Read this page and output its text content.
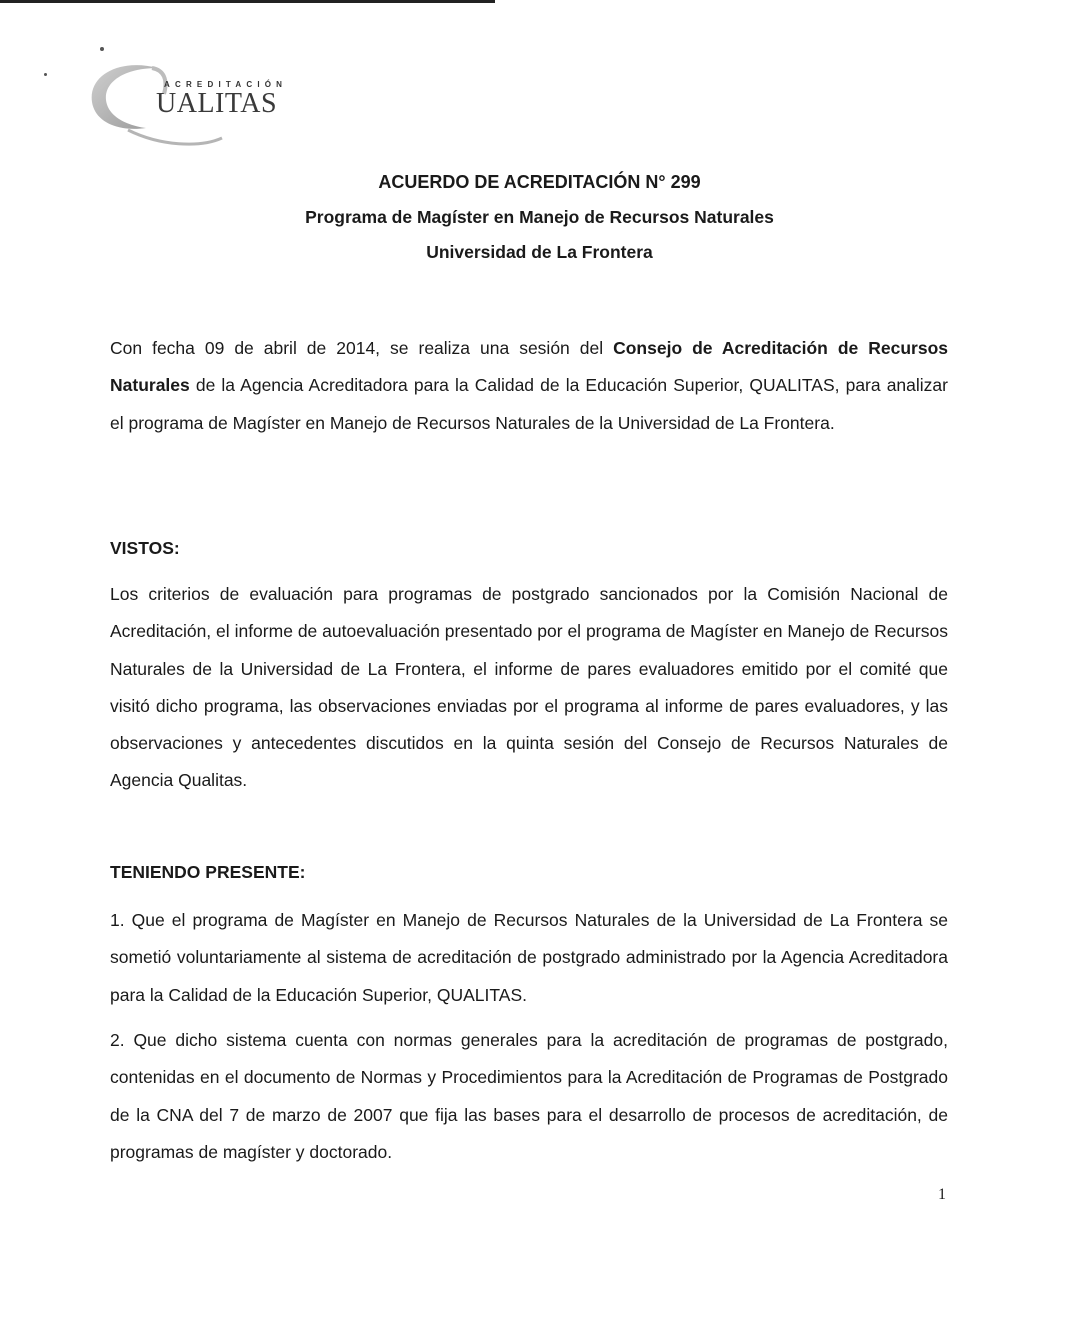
ACREDITACIÓN
UALITAS
ACUERDO DE ACREDITACIÓN N° 299
Programa de Magíster en Manejo de Recursos Naturales
Universidad de La Frontera

Con fecha 09 de abril de 2014, se realiza una sesión del Consejo de Acreditación de Recursos Naturales de la Agencia Acreditadora para la Calidad de la Educación Superior, QUALITAS, para analizar el programa de Magíster en Manejo de Recursos Naturales de la Universidad de La Frontera.

VISTOS:

Los criterios de evaluación para programas de postgrado sancionados por la Comisión Nacional de Acreditación, el informe de autoevaluación presentado por el programa de Magíster en Manejo de Recursos Naturales de la Universidad de La Frontera, el informe de pares evaluadores emitido por el comité que visitó dicho programa, las observaciones enviadas por el programa al informe de pares evaluadores, y las observaciones y antecedentes discutidos en la quinta sesión del Consejo de Recursos Naturales de Agencia Qualitas.

TENIENDO PRESENTE:

1. Que el programa de Magíster en Manejo de Recursos Naturales de la Universidad de La Frontera se sometió voluntariamente al sistema de acreditación de postgrado administrado por la Agencia Acreditadora para la Calidad de la Educación Superior, QUALITAS.

2. Que dicho sistema cuenta con normas generales para la acreditación de programas de postgrado, contenidas en el documento de Normas y Procedimientos para la Acreditación de Programas de Postgrado de la CNA del 7 de marzo de 2007 que fija las bases para el desarrollo de procesos de acreditación, de programas de magíster y doctorado.

1
